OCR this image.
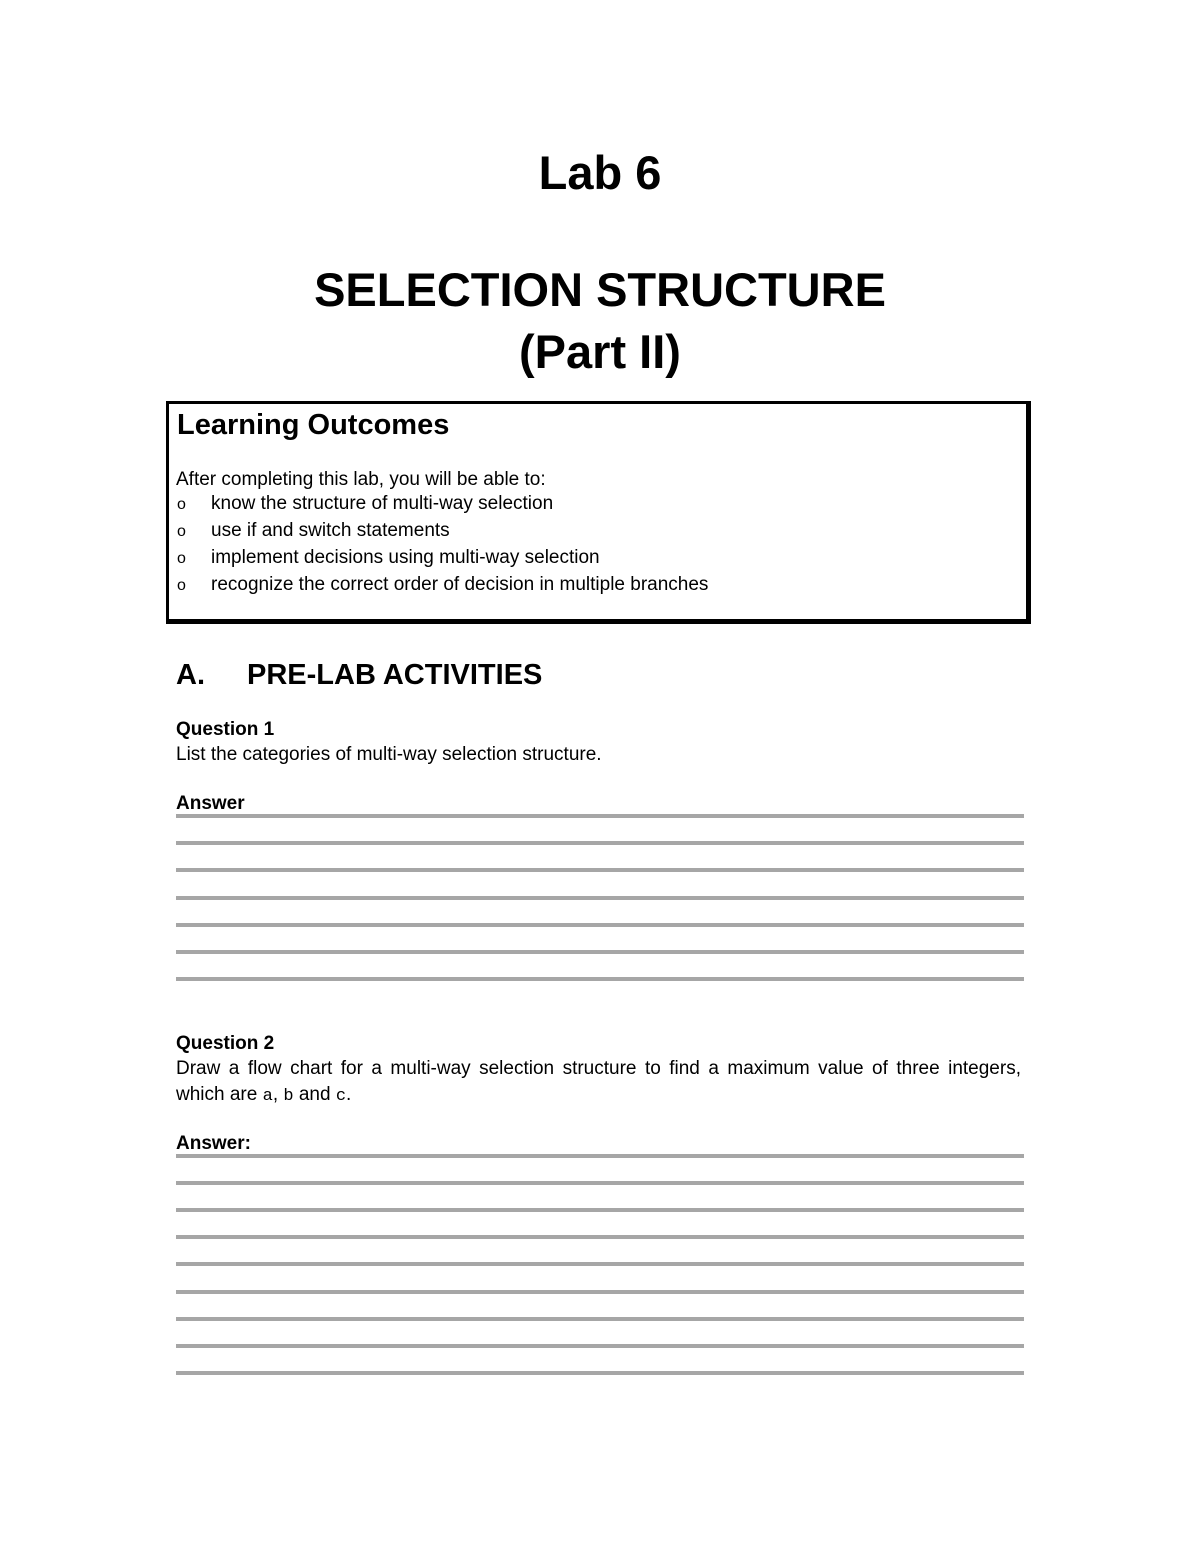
Lab 6
SELECTION STRUCTURE
(Part II)
Learning Outcomes
After completing this lab, you will be able to:
o know the structure of multi-way selection
o use if and switch statements
o implement decisions using multi-way selection
o recognize the correct order of decision in multiple branches
A. PRE-LAB ACTIVITIES
Question 1
List the categories of multi-way selection structure.
Answer
Question 2
Draw a flow chart for a multi-way selection structure to find a maximum value of three integers, which are a, b and c.
Answer:
